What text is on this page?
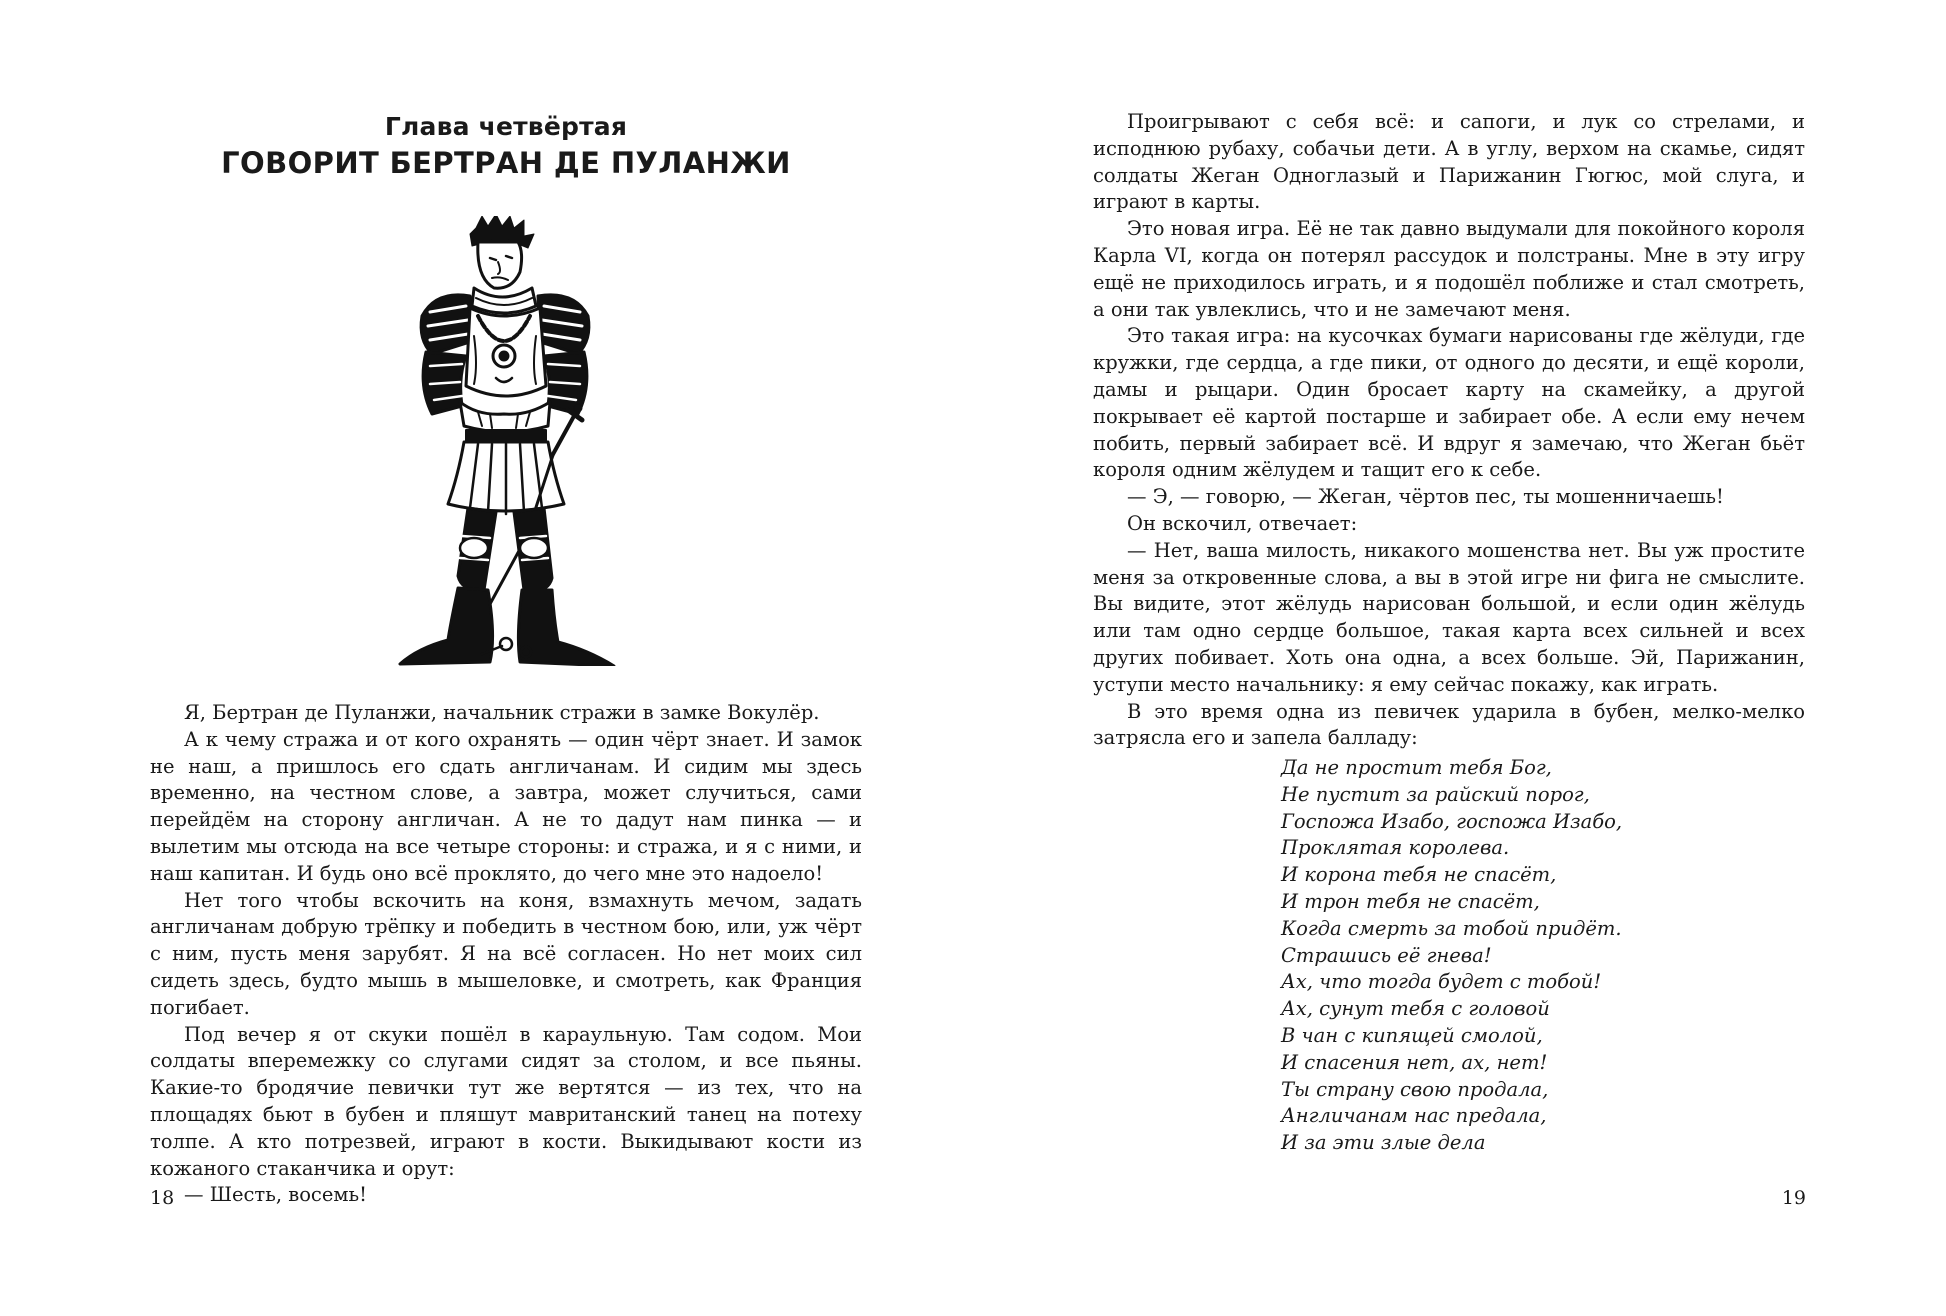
Глава четвёртая
ГОВОРИТ БЕРТРАН ДЕ ПУЛАНЖИ

Я, Бертран де Пуланжи, начальник стражи в замке Вокулёр.

А к чему стража и от кого охранять — один чёрт знает. И замок не наш, а пришлось его сдать англичанам. И сидим мы здесь временно, на честном слове, а завтра, может случиться, сами перейдём на сторону англичан. А не то дадут нам пинка — и вылетим мы отсюда на все четыре стороны: и стража, и я с ними, и наш капитан. И будь оно всё проклято, до чего мне это надоело!

Нет того чтобы вскочить на коня, взмахнуть мечом, задать англичанам добрую трёпку и победить в честном бою, или, уж чёрт с ним, пусть меня зарубят. Я на всё согласен. Но нет моих сил сидеть здесь, будто мышь в мышеловке, и смотреть, как Франция погибает.

Под вечер я от скуки пошёл в караульную. Там содом. Мои солдаты вперемежку со слугами сидят за столом, и все пьяны. Какие-то бродячие певички тут же вертятся — из тех, что на площадях бьют в бубен и пляшут мавританский танец на потеху толпе. А кто потрезвей, играют в кости. Выкидывают кости из кожаного стаканчика и орут:

— Шесть, восемь!

18

Проигрывают с себя всё: и сапоги, и лук со стрелами, и исподнюю рубаху, собачьи дети. А в углу, верхом на скамье, сидят солдаты Жеган Одноглазый и Парижанин Гюгюс, мой слуга, и играют в карты.

Это новая игра. Её не так давно выдумали для покойного короля Карла VI, когда он потерял рассудок и полстраны. Мне в эту игру ещё не приходилось играть, и я подошёл поближе и стал смотреть, а они так увлеклись, что и не замечают меня.

Это такая игра: на кусочках бумаги нарисованы где жёлуди, где кружки, где сердца, а где пики, от одного до десяти, и ещё короли, дамы и рыцари. Один бросает карту на скамейку, а другой покрывает её картой постарше и забирает обе. А если ему нечем побить, первый забирает всё. И вдруг я замечаю, что Жеган бьёт короля одним жёлудем и тащит его к себе.

— Э, — говорю, — Жеган, чёртов пес, ты мошенничаешь!

Он вскочил, отвечает:

— Нет, ваша милость, никакого мошенства нет. Вы уж простите меня за откровенные слова, а вы в этой игре ни фига не смыслите. Вы видите, этот жёлудь нарисован большой, и если один жёлудь или там одно сердце большое, такая карта всех сильней и всех других побивает. Хоть она одна, а всех больше. Эй, Парижанин, уступи место начальнику: я ему сейчас покажу, как играть.

В это время одна из певичек ударила в бубен, мелко-мелко затрясла его и запела балладу:

Да не простит тебя Бог,
Не пустит за райский порог,
Госпожа Изабо, госпожа Изабо,
Проклятая королева.
И корона тебя не спасёт,
И трон тебя не спасёт,
Когда смерть за тобой придёт.
Страшись её гнева!
Ах, что тогда будет с тобой!
Ах, сунут тебя с головой
В чан с кипящей смолой,
И спасения нет, ах, нет!
Ты страну свою продала,
Англичанам нас предала,
И за эти злые дела
19
